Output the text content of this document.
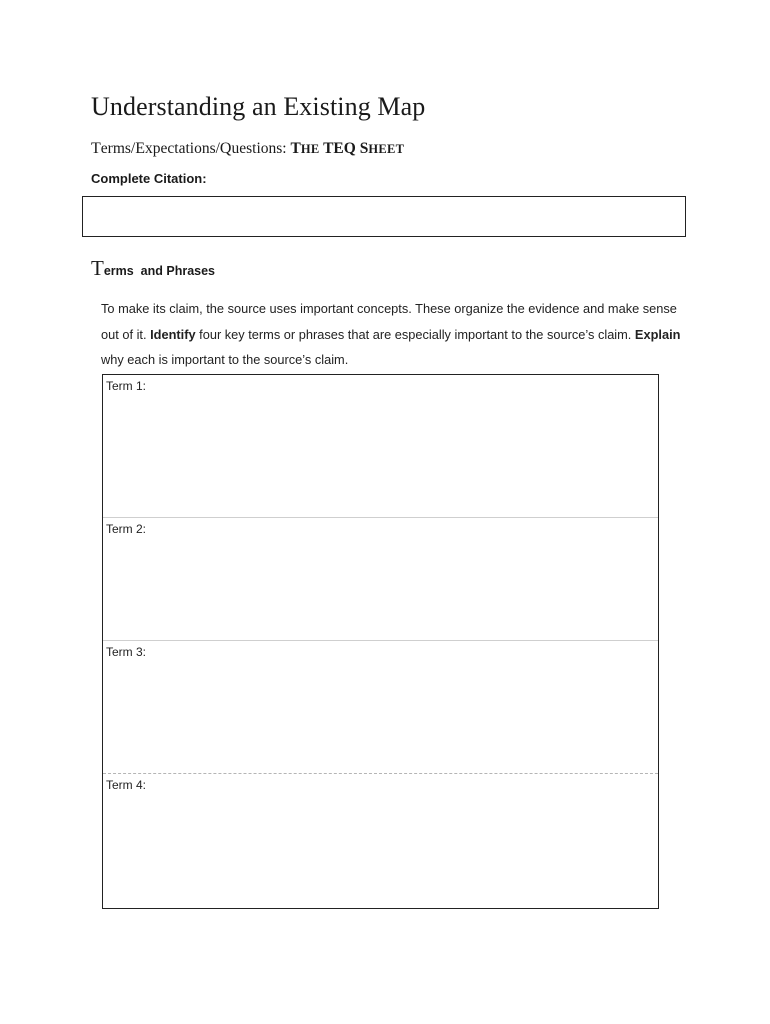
Understanding an Existing Map
Terms/Expectations/Questions: THE TEQ SHEET
Complete Citation:
Terms  and Phrases
To make its claim, the source uses important concepts. These organize the evidence and make sense out of it. Identify four key terms or phrases that are especially important to the source’s claim. Explain why each is important to the source’s claim.
Term 1:
Term 2:
Term 3:
Term 4:
